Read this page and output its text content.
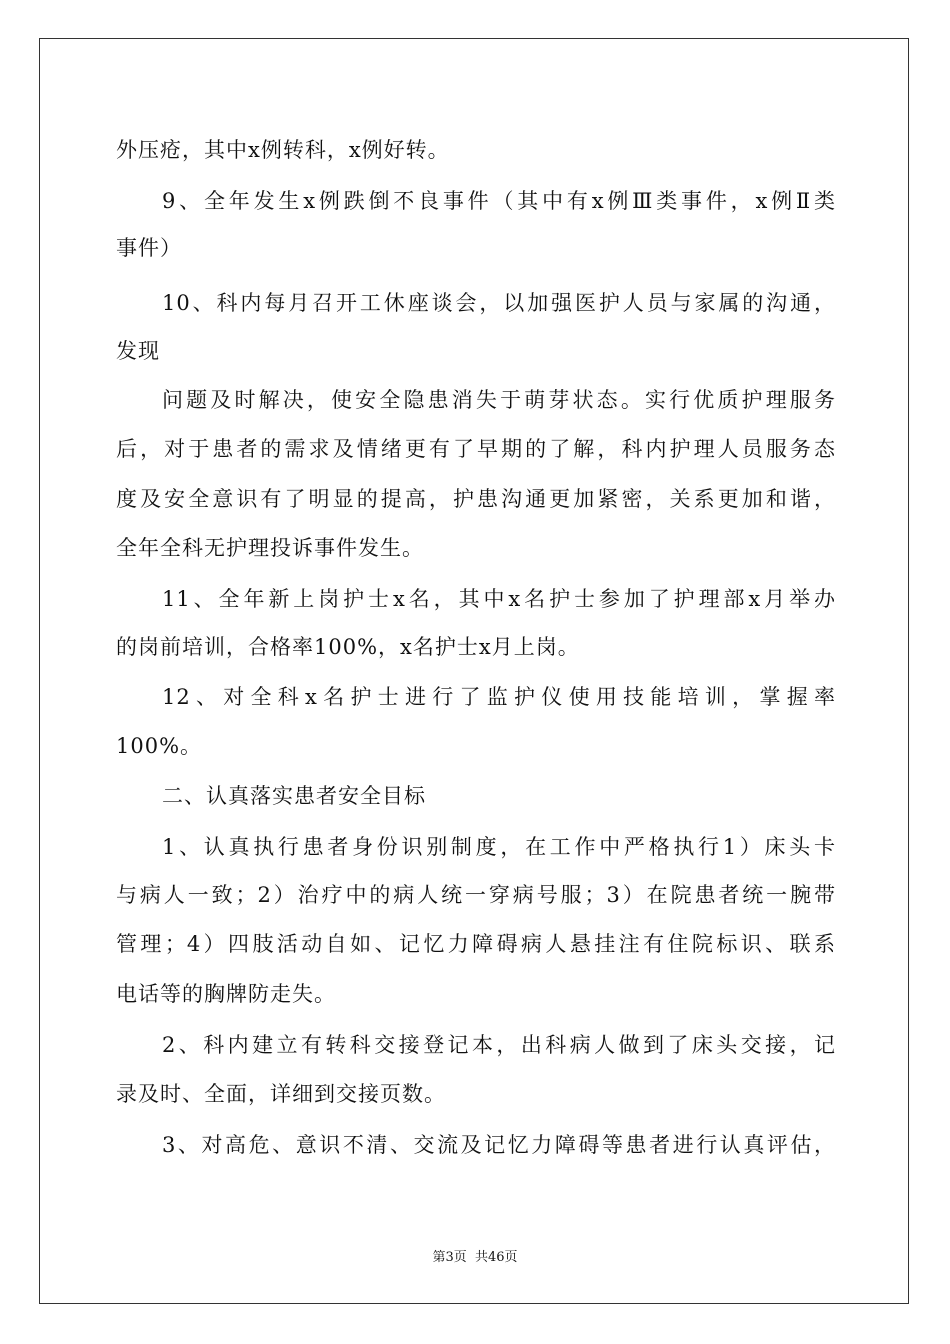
外压疮，其中x例转科，x例好转。
9、全年发生x例跌倒不良事件（其中有x例Ⅲ类事件，x例Ⅱ类
事件）
10、科内每月召开工休座谈会，以加强医护人员与家属的沟通，
发现
问题及时解决，使安全隐患消失于萌芽状态。实行优质护理服务
后，对于患者的需求及情绪更有了早期的了解，科内护理人员服务态
度及安全意识有了明显的提高，护患沟通更加紧密，关系更加和谐，
全年全科无护理投诉事件发生。
11、全年新上岗护士x名，其中x名护士参加了护理部x月举办
的岗前培训，合格率100%，x名护士x月上岗。
12、对全科x名护士进行了监护仪使用技能培训，掌握率
100%。
二、认真落实患者安全目标
1、认真执行患者身份识别制度，在工作中严格执行1）床头卡
与病人一致；2）治疗中的病人统一穿病号服；3）在院患者统一腕带
管理；4）四肢活动自如、记忆力障碍病人悬挂注有住院标识、联系
电话等的胸牌防走失。
2、科内建立有转科交接登记本，出科病人做到了床头交接，记
录及时、全面，详细到交接页数。
3、对高危、意识不清、交流及记忆力障碍等患者进行认真评估，
第3页 共46页
